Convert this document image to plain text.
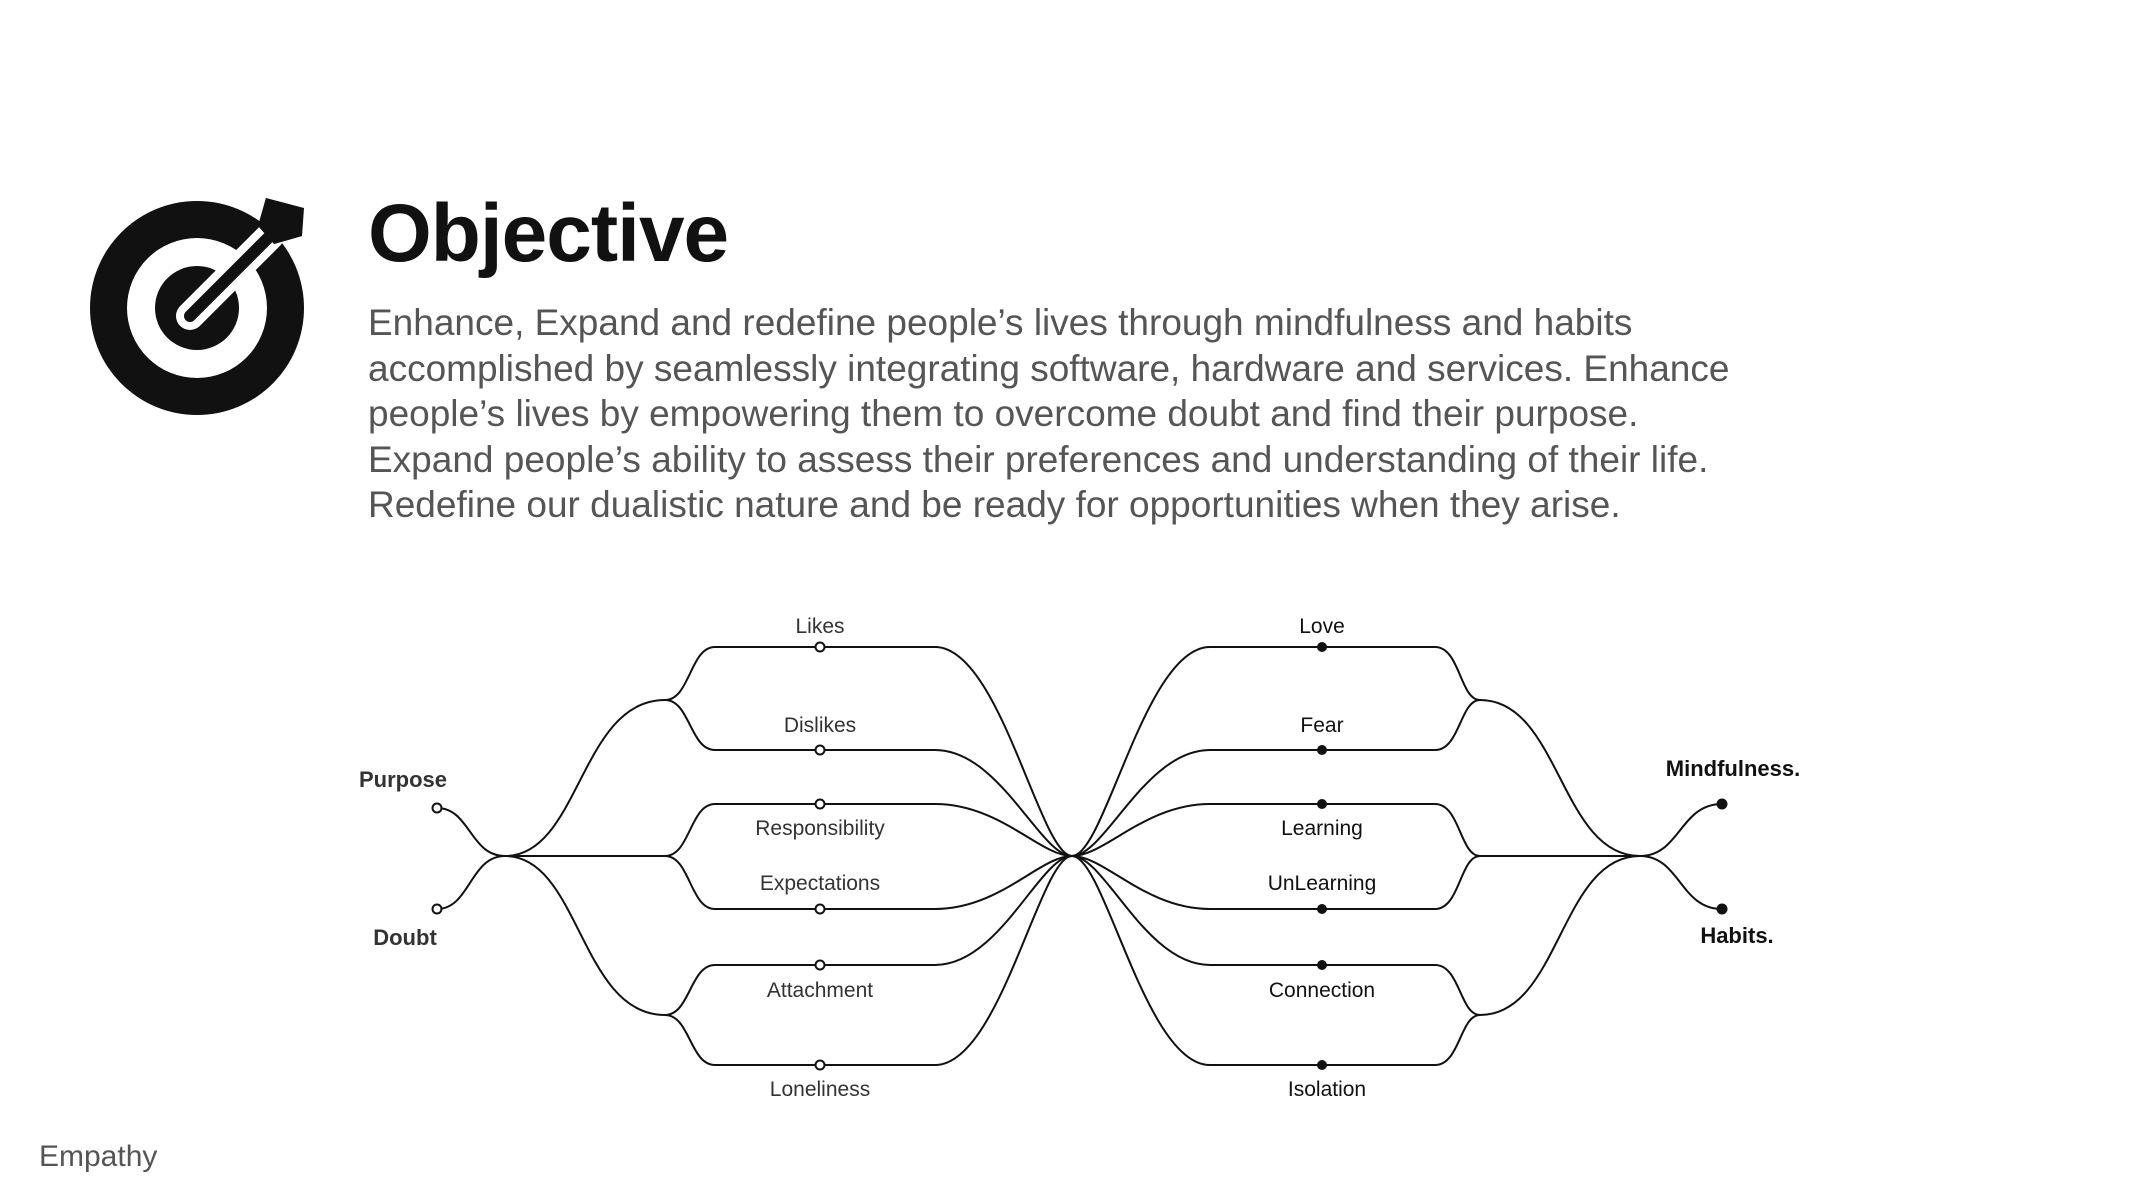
Objective

Enhance, Expand and redefine people’s lives through mindfulness and habits
accomplished by seamlessly integrating software, hardware and services. Enhance
people’s lives by empowering them to overcome doubt and find their purpose.
Expand people’s ability to assess their preferences and understanding of their life.
Redefine our dualistic nature and be ready for opportunities when they arise.

Purpose
Doubt
Likes
Dislikes
Responsibility
Expectations
Attachment
Loneliness
Love
Fear
Learning
UnLearning
Connection
Isolation
Mindfulness.
Habits.

Empathy
